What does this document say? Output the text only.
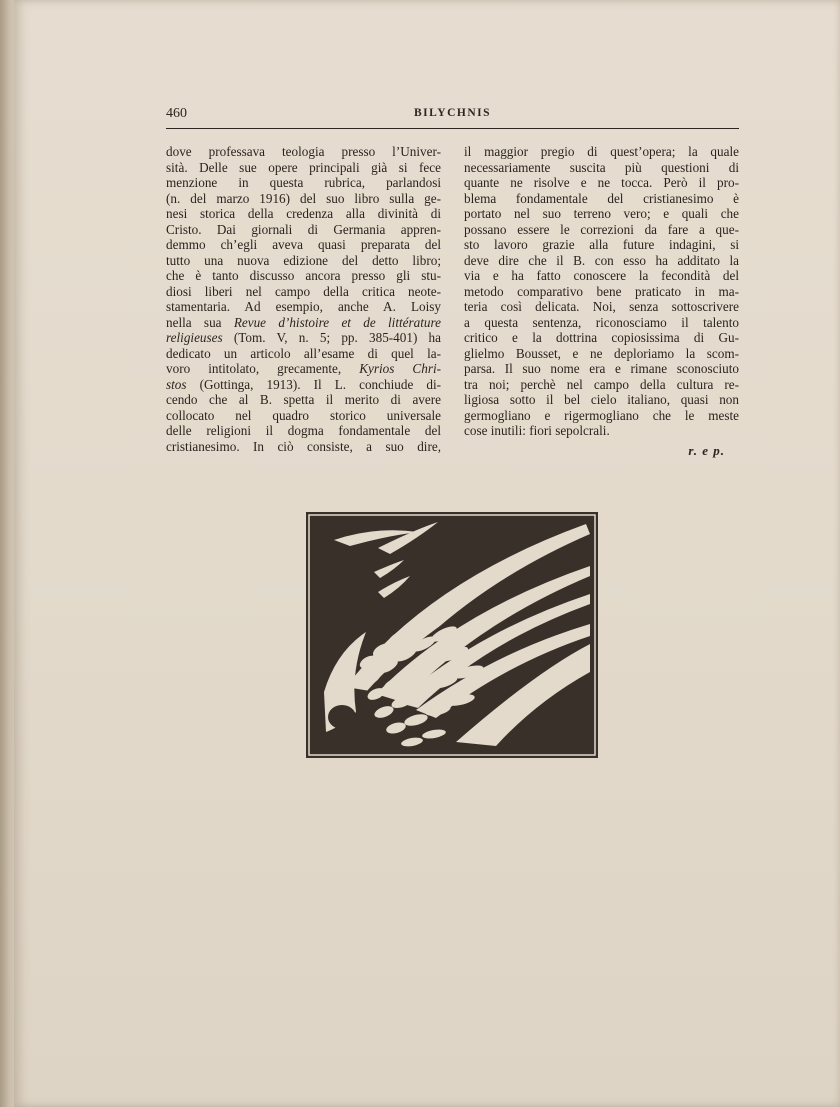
460	BILYCHNIS
dove professava teologia presso l’Univer-
sità. Delle sue opere principali già si fece
menzione in questa rubrica, parlandosi
(n. del marzo 1916) del suo libro sulla ge-
nesi storica della credenza alla divinità di
Cristo. Dai giornali di Germania appren-
demmo ch’egli aveva quasi preparata del
tutto una nuova edizione del detto libro;
che è tanto discusso ancora presso gli stu-
diosi liberi nel campo della critica neote-
stamentaria. Ad esempio, anche A. Loisy
nella sua Revue d’histoire et de littérature
religieuses (Tom. V, n. 5; pp. 385-401) ha
dedicato un articolo all’esame di quel la-
voro intitolato, grecamente, Kyrios Chri-
stos (Gottinga, 1913). Il L. conchiude di-
cendo che al B. spetta il merito di avere
collocato nel quadro storico universale
delle religioni il dogma fondamentale del
cristianesimo. In ciò consiste, a suo dire,
il maggior pregio di quest’opera; la quale
necessariamente suscita più questioni di
quante ne risolve e ne tocca. Però il pro-
blema fondamentale del cristianesimo è
portato nel suo terreno vero; e quali che
possano essere le correzioni da fare a que-
sto lavoro grazie alla future indagini, si
deve dire che il B. con esso ha additato la
via e ha fatto conoscere la fecondità del
metodo comparativo bene praticato in ma-
teria così delicata. Noi, senza sottoscrivere
a questa sentenza, riconosciamo il talento
critico e la dottrina copiosissima di Gu-
glielmo Bousset, e ne deploriamo la scom-
parsa. Il suo nome era e rimane sconosciuto
tra noi; perchè nel campo della cultura re-
ligiosa sotto il bel cielo italiano, quasi non
germogliano e rigermogliano che le meste
cose inutili: fiori sepolcrali.
r. e p.
